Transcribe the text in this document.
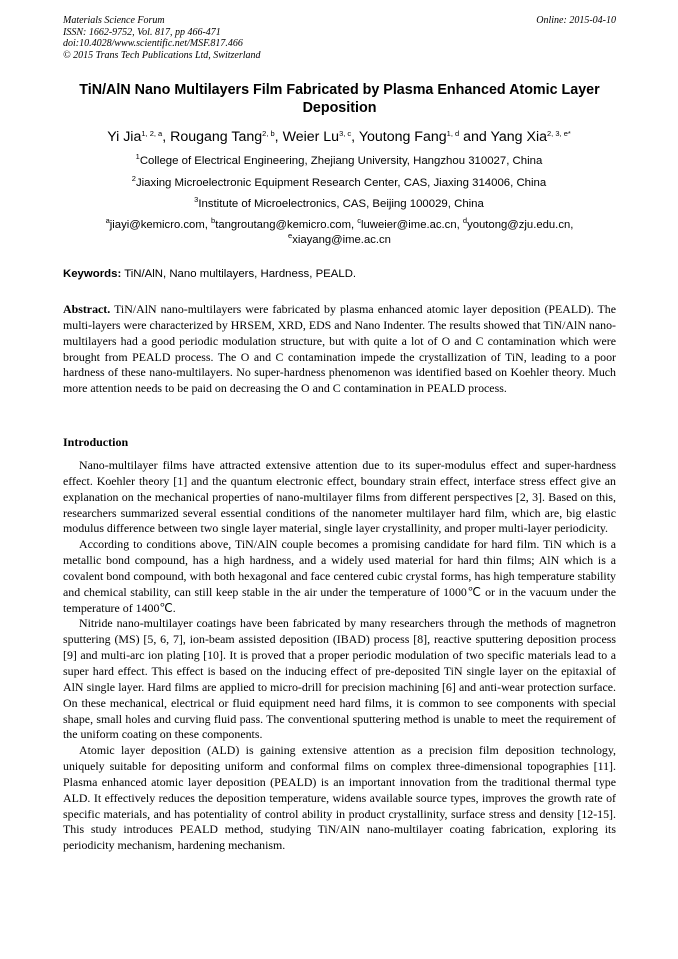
Materials Science Forum
ISSN: 1662-9752, Vol. 817, pp 466-471
doi:10.4028/www.scientific.net/MSF.817.466
© 2015 Trans Tech Publications Ltd, Switzerland
Online: 2015-04-10
TiN/AlN Nano Multilayers Film Fabricated by Plasma Enhanced Atomic Layer Deposition
Yi Jia$^{1, 2, a}$, Rougang Tang$^{2, b}$, Weier Lu$^{3, c}$, Youtong Fang$^{1, d}$ and Yang Xia$^{2, 3, e*}$
$^1$College of Electrical Engineering, Zhejiang University, Hangzhou 310027, China
$^2$Jiaxing Microelectronic Equipment Research Center, CAS, Jiaxing 314006, China
$^3$Institute of Microelectronics, CAS, Beijing 100029, China
$^a$jiayi@kemicro.com, $^b$tangroutang@kemicro.com, $^c$luweier@ime.ac.cn, $^d$youtong@zju.edu.cn,
$^e$xiayang@ime.ac.cn
Keywords: TiN/AlN, Nano multilayers, Hardness, PEALD.

Abstract. TiN/AlN nano-multilayers were fabricated by plasma enhanced atomic layer deposition (PEALD). The multi-layers were characterized by HRSEM, XRD, EDS and Nano Indenter. The results showed that TiN/AlN nano-multilayers had a good periodic modulation structure, but with quite a lot of O and C contamination which were brought from PEALD process. The O and C contamination impede the crystallization of TiN, leading to a poor hardness of these nano-multilayers. No super-hardness phenomenon was identified based on Koehler theory. Much more attention needs to be paid on decreasing the O and C contamination in PEALD process.

Introduction

Nano-multilayer films have attracted extensive attention due to its super-modulus effect and super-hardness effect. Koehler theory [1] and the quantum electronic effect, boundary strain effect, interface stress effect give an explanation on the mechanical properties of nano-multilayer films from different perspectives [2, 3]. Based on this, researchers summarized several essential conditions of the nanometer multilayer hard film, which are, big elastic modulus difference between two single layer material, single layer crystallinity, and proper multi-layer periodicity.

According to conditions above, TiN/AlN couple becomes a promising candidate for hard film. TiN which is a metallic bond compound, has a high hardness, and a widely used material for hard thin films; AlN which is a covalent bond compound, with both hexagonal and face centered cubic crystal forms, has high temperature stability and chemical stability, can still keep stable in the air under the temperature of 1000℃ or in the vacuum under the temperature of 1400℃.

Nitride nano-multilayer coatings have been fabricated by many researchers through the methods of magnetron sputtering (MS) [5, 6, 7], ion-beam assisted deposition (IBAD) process [8], reactive sputtering deposition process [9] and multi-arc ion plating [10]. It is proved that a proper periodic modulation of two specific materials lead to a super hard effect. This effect is based on the inducing effect of pre-deposited TiN single layer on the epitaxial of AlN single layer. Hard films are applied to micro-drill for precision machining [6] and anti-wear protection surface. On these mechanical, electrical or fluid equipment need hard films, it is common to see components with special shape, small holes and curving fluid pass. The conventional sputtering method is unable to meet the requirement of the uniform coating on these components.

Atomic layer deposition (ALD) is gaining extensive attention as a precision film deposition technology, uniquely suitable for depositing uniform and conformal films on complex three-dimensional topographies [11]. Plasma enhanced atomic layer deposition (PEALD) is an important innovation from the traditional thermal type ALD. It effectively reduces the deposition temperature, widens available source types, improves the growth rate of specific materials, and has potentiality of control ability in product crystallinity, surface stress and density [12-15]. This study introduces PEALD method, studying TiN/AlN nano-multilayer coating fabrication, exploring its periodicity mechanism, hardening mechanism.
